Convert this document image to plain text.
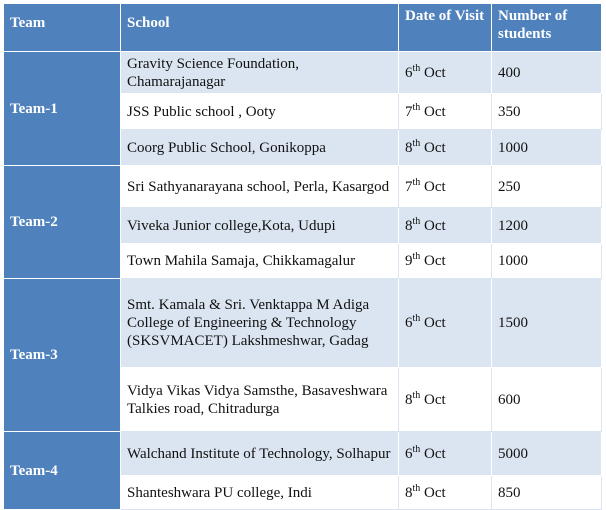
Team	School	Date of Visit	Number of students
Team-1	Gravity Science Foundation, Chamarajanagar	6th Oct	400
	JSS Public school , Ooty	7th Oct	350
	Coorg Public School, Gonikoppa	8th Oct	1000
Team-2	Sri Sathyanarayana school, Perla, Kasargod	7th Oct	250
	Viveka Junior college,Kota, Udupi	8th Oct	1200
	Town Mahila Samaja, Chikkamagalur	9th Oct	1000
Team-3	Smt. Kamala & Sri. Venktappa M Adiga College of Engineering & Technology (SKSVMACET) Lakshmeshwar, Gadag	6th Oct	1500
	Vidya Vikas Vidya Samsthe, Basaveshwara Talkies road, Chitradurga	8th Oct	600
Team-4	Walchand Institute of Technology, Solhapur	6th Oct	5000
	Shanteshwara PU college, Indi	8th Oct	850
